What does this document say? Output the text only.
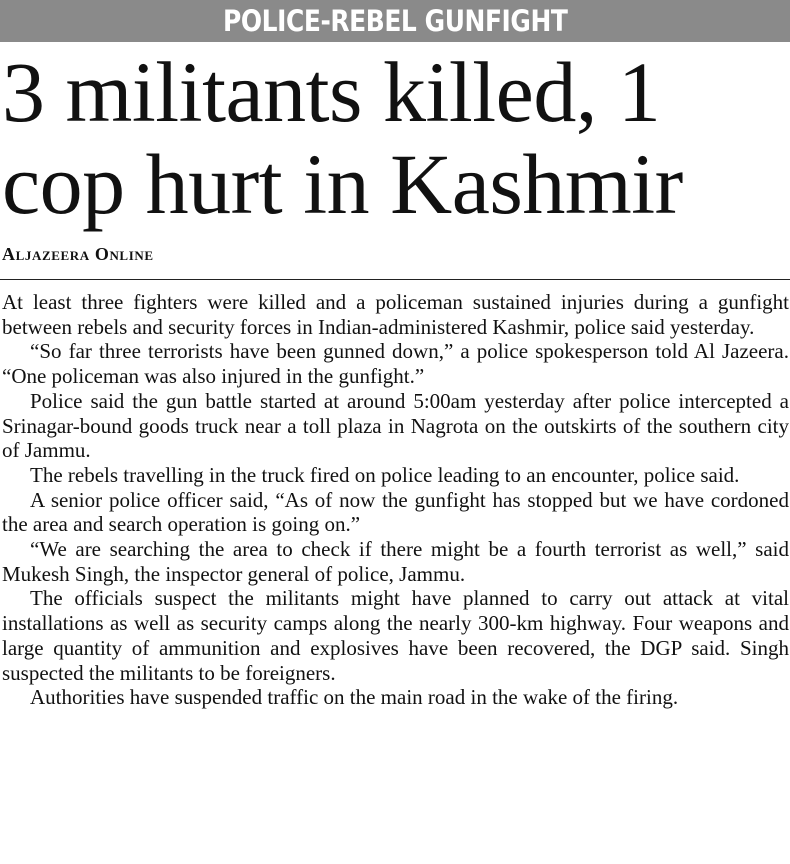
POLICE-REBEL GUNFIGHT
3 militants killed, 1 cop hurt in Kashmir
Aljazeera Online

At least three fighters were killed and a policeman sustained injuries during a gunfight between rebels and security forces in Indian-administered Kashmir, police said yesterday.

“So far three terrorists have been gunned down,” a police spokesperson told Al Jazeera. “One policeman was also injured in the gunfight.”

Police said the gun battle started at around 5:00am yesterday after police intercepted a Srinagar-bound goods truck near a toll plaza in Nagrota on the outskirts of the southern city of Jammu.

The rebels travelling in the truck fired on police leading to an encounter, police said.

A senior police officer said, “As of now the gunfight has stopped but we have cordoned the area and search operation is going on.”

“We are searching the area to check if there might be a fourth terrorist as well,” said Mukesh Singh, the inspector general of police, Jammu.

The officials suspect the militants might have planned to carry out attack at vital installations as well as security camps along the nearly 300-km highway. Four weapons and large quantity of ammunition and explosives have been recovered, the DGP said. Singh suspected the militants to be foreigners.

Authorities have suspended traffic on the main road in the wake of the firing.
